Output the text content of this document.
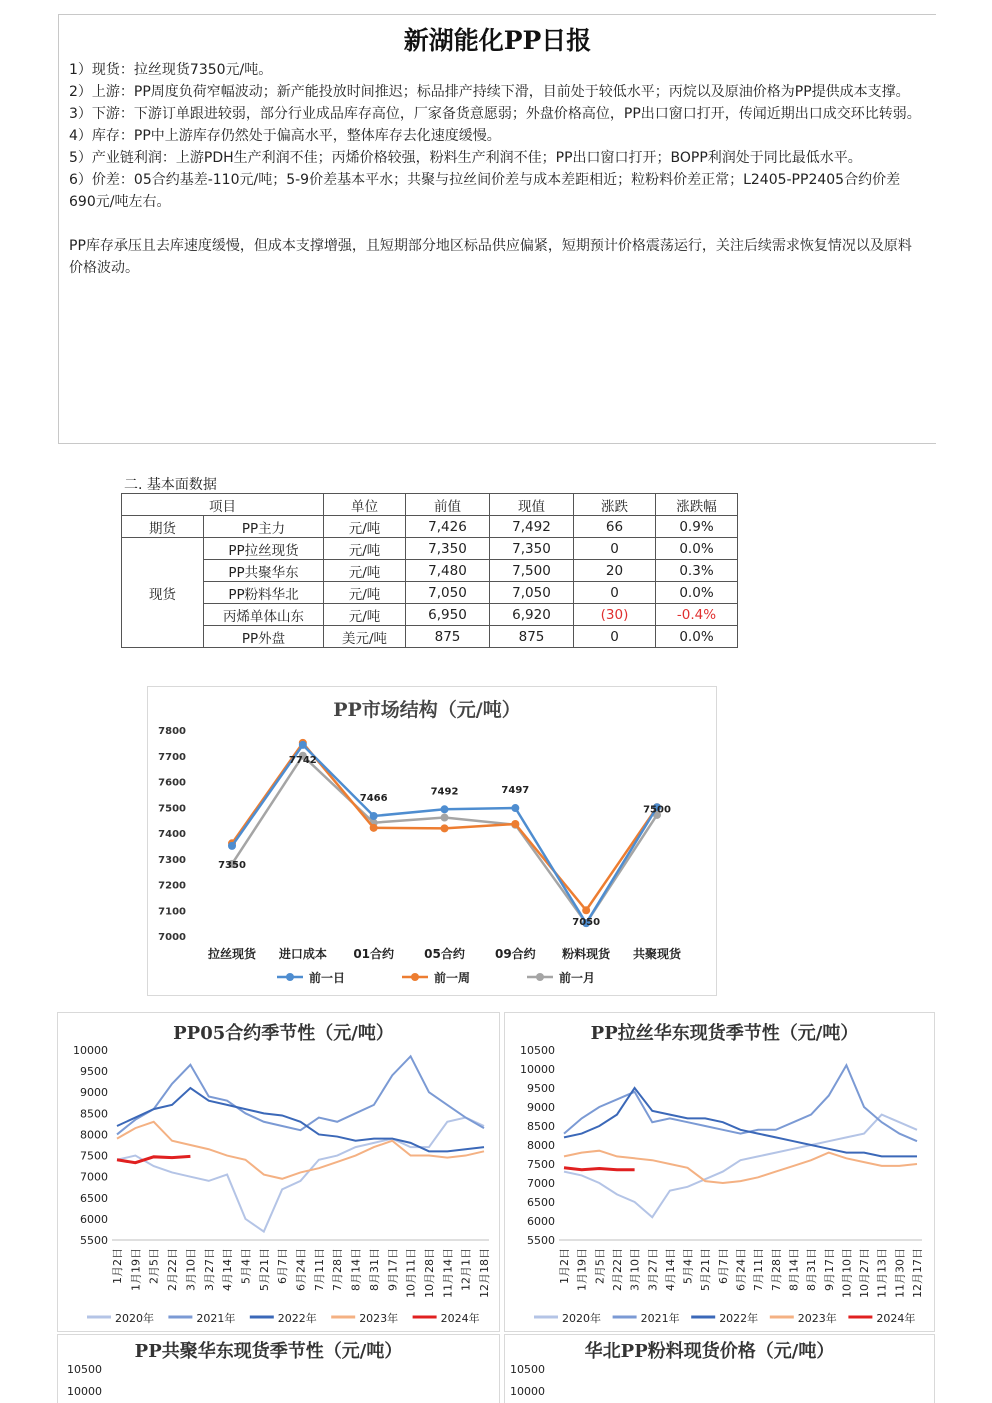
新湖能化PP日报

1）现货：拉丝现货7350元/吨。

2）上游：PP周度负荷窄幅波动；新产能投放时间推迟；标品排产持续下滑，目前处于较低水平；丙烷以及原油价格为PP提供成本支撑。

3）下游：下游订单跟进较弱，部分行业成品库存高位，厂家备货意愿弱；外盘价格高位，PP出口窗口打开，传闻近期出口成交环比转弱。

4）库存：PP中上游库存仍然处于偏高水平，整体库存去化速度缓慢。

5）产业链利润：上游PDH生产利润不佳；丙烯价格较强，粉料生产利润不佳；PP出口窗口打开；BOPP利润处于同比最低水平。

6）价差：05合约基差-110元/吨；5-9价差基本平水；共聚与拉丝间价差与成本差距相近；粒粉料价差正常；L2405-PP2405合约价差690元/吨左右。

PP库存承压且去库速度缓慢，但成本支撑增强，且短期部分地区标品供应偏紧，短期预计价格震荡运行，关注后续需求恢复情况以及原料价格波动。

二. 基本面数据
项目		单位	前值	现值	涨跌	涨跌幅
期货	PP主力	元/吨	7,426	7,492	66	0.9%
现货	PP拉丝现货	元/吨	7,350	7,350	0	0.0%
	PP共聚华东	元/吨	7,480	7,500	20	0.3%
	PP粉料华北	元/吨	7,050	7,050	0	0.0%
	丙烯单体山东	元/吨	6,950	6,920	(30)	-0.4%
	PP外盘	美元/吨	875	875	0	0.0%
PP市场结构（元/吨）
7000
7100
7200
7300
7400
7500
7600
7700
7800
拉丝现货 进口成本 01合约	05合约	09合约 粉料现货 共聚现货
7350
7742
7466
7492	7497
7050
7500
前一日	前一周	前一月
PP05合约季节性（元/吨）
5500
6000
6500
7000
7500
8000
8500
9000
9500
10000
1月2日 1月19日 2月5日 2月22日 3月10日 3月27日 4月14日 5月4日 5月21日 6月7日 6月24日 7月11日 7月28日 8月14日 8月31日 9月17日 10月11日 10月28日 11月14日 12月1日 12月18日
2020年	2021年	2022年	2023年	2024年
PP拉丝华东现货季节性（元/吨）
5500
6000
6500
7000
7500
8000
8500
9000
9500
10000
10500
1月2日 1月19日 2月5日 2月22日 3月10日 3月27日 4月14日 5月4日 5月21日 6月7日 6月24日 7月11日 7月28日 8月14日 8月31日 9月17日 10月10日 10月27日 11月13日 11月30日 12月17日
2020年	2021年	2022年	2023年	2024年
PP共聚华东现货季节性（元/吨）
10500
10000
华北PP粉料现货价格（元/吨）
10500
10000
